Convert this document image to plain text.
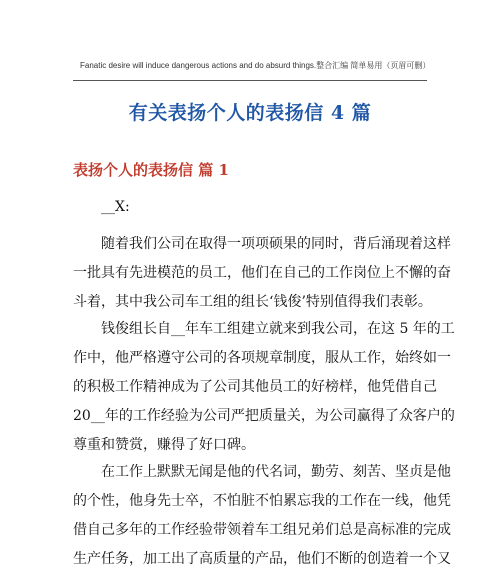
Fanatic desire will induce dangerous actions and do absurd things.整合汇编 简单易用（页眉可删）
有关表扬个人的表扬信 4 篇
表扬个人的表扬信 篇 1
__X:
随着我们公司在取得一项项硕果的同时，背后涌现着这样
一批具有先进模范的员工，他们在自己的工作岗位上不懈的奋
斗着，其中我公司车工组的组长‘钱俊’特别值得我们表彰。
钱俊组长自__年车工组建立就来到我公司，在这 5 年的工
作中，他严格遵守公司的各项规章制度，服从工作，始终如一
的积极工作精神成为了公司其他员工的好榜样，他凭借自己
20__年的工作经验为公司严把质量关，为公司赢得了众客户的
尊重和赞赏，赚得了好口碑。
在工作上默默无闻是他的代名词，勤劳、刻苦、坚贞是他
的个性，他身先士卒，不怕脏不怕累忘我的工作在一线，他凭
借自己多年的工作经验带领着车工组兄弟们总是高标准的完成
生产任务，加工出了高质量的产品，他们不断的创造着一个又
